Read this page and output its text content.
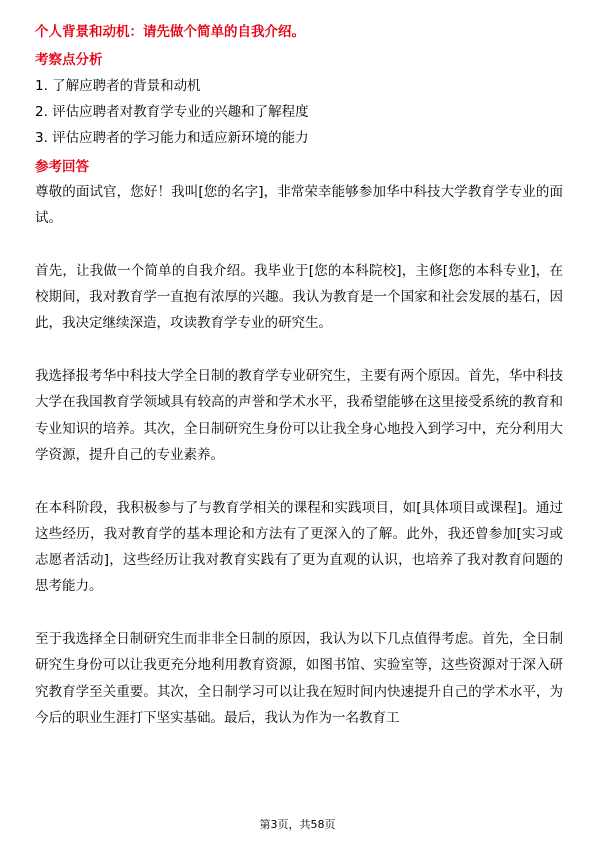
个人背景和动机：请先做个简单的自我介绍。

考察点分析

1. 了解应聘者的背景和动机

2. 评估应聘者对教育学专业的兴趣和了解程度

3. 评估应聘者的学习能力和适应新环境的能力

参考回答

尊敬的面试官，您好！我叫[您的名字]，非常荣幸能够参加华中科技大学教育学专业的面试。

首先，让我做一个简单的自我介绍。我毕业于[您的本科院校]，主修[您的本科专业]，在校期间，我对教育学一直抱有浓厚的兴趣。我认为教育是一个国家和社会发展的基石，因此，我决定继续深造，攻读教育学专业的研究生。

我选择报考华中科技大学全日制的教育学专业研究生，主要有两个原因。首先，华中科技大学在我国教育学领域具有较高的声誉和学术水平，我希望能够在这里接受系统的教育和专业知识的培养。其次，全日制研究生身份可以让我全身心地投入到学习中，充分利用大学资源，提升自己的专业素养。

在本科阶段，我积极参与了与教育学相关的课程和实践项目，如[具体项目或课程]。通过这些经历，我对教育学的基本理论和方法有了更深入的了解。此外，我还曾参加[实习或志愿者活动]，这些经历让我对教育实践有了更为直观的认识，也培养了我对教育问题的思考能力。

至于我选择全日制研究生而非非全日制的原因，我认为以下几点值得考虑。首先，全日制研究生身份可以让我更充分地利用教育资源，如图书馆、实验室等，这些资源对于深入研究教育学至关重要。其次，全日制学习可以让我在短时间内快速提升自己的学术水平，为今后的职业生涯打下坚实基础。最后，我认为作为一名教育工

第3页，共58页
